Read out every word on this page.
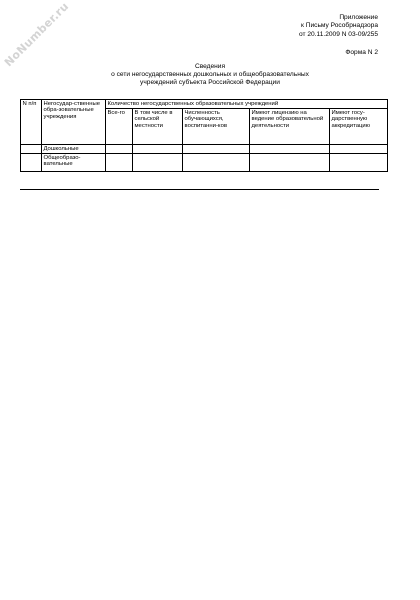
NoNumber.ru	Приложение
к Письму Рособрнадзора
от 20.11.2009 N 03-09/255
Форма N 2
Сведения
о сети негосударственных дошкольных и общеобразовательных
учреждений субъекта Российской Федерации
N п/п	Негосудар-ственные обра-зовательные учреждения	Количество негосударственных образовательных учреждений				
		Все-го	В том числе в сельской местности	Численность обучающихся, воспитанни-ков	Имеют лицензию на ведение образовательной деятельности	Имеют госу-дарственную аккредитацию
	Дошкольные					
	Общеобразо-вательные					
